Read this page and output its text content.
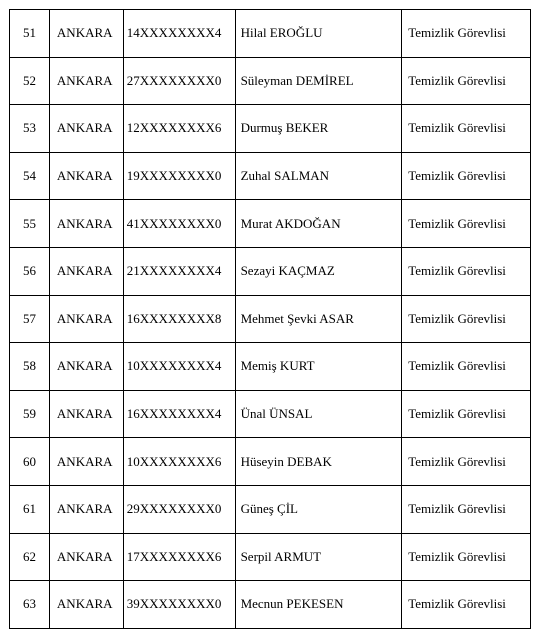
51	ANKARA	14XXXXXXXX4	Hilal EROĞLU	Temizlik Görevlisi
52	ANKARA	27XXXXXXXX0	Süleyman DEMİREL	Temizlik Görevlisi
53	ANKARA	12XXXXXXXX6	Durmuş BEKER	Temizlik Görevlisi
54	ANKARA	19XXXXXXXX0	Zuhal SALMAN	Temizlik Görevlisi
55	ANKARA	41XXXXXXXX0	Murat AKDOĞAN	Temizlik Görevlisi
56	ANKARA	21XXXXXXXX4	Sezayi KAÇMAZ	Temizlik Görevlisi
57	ANKARA	16XXXXXXXX8	Mehmet Şevki ASAR	Temizlik Görevlisi
58	ANKARA	10XXXXXXXX4	Memiş KURT	Temizlik Görevlisi
59	ANKARA	16XXXXXXXX4	Ünal ÜNSAL	Temizlik Görevlisi
60	ANKARA	10XXXXXXXX6	Hüseyin DEBAK	Temizlik Görevlisi
61	ANKARA	29XXXXXXXX0	Güneş ÇİL	Temizlik Görevlisi
62	ANKARA	17XXXXXXXX6	Serpil ARMUT	Temizlik Görevlisi
63	ANKARA	39XXXXXXXX0	Mecnun PEKESEN	Temizlik Görevlisi
